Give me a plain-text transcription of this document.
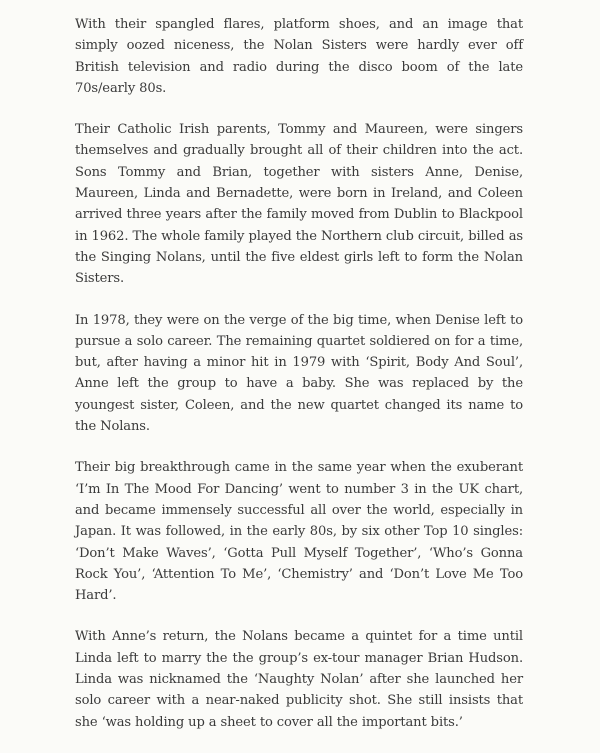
With their spangled flares, platform shoes, and an image that simply oozed niceness, the Nolan Sisters were hardly ever off British television and radio during the disco boom of the late 70s/early 80s.

Their Catholic Irish parents, Tommy and Maureen, were singers themselves and gradually brought all of their children into the act. Sons Tommy and Brian, together with sisters Anne, Denise, Maureen, Linda and Bernadette, were born in Ireland, and Coleen arrived three years after the family moved from Dublin to Blackpool in 1962. The whole family played the Northern club circuit, billed as the Singing Nolans, until the five eldest girls left to form the Nolan Sisters.

In 1978, they were on the verge of the big time, when Denise left to pursue a solo career. The remaining quartet soldiered on for a time, but, after having a minor hit in 1979 with ‘Spirit, Body And Soul’, Anne left the group to have a baby. She was replaced by the youngest sister, Coleen, and the new quartet changed its name to the Nolans.

Their big breakthrough came in the same year when the exuberant ‘I’m In The Mood For Dancing’ went to number 3 in the UK chart, and became immensely successful all over the world, especially in Japan. It was followed, in the early 80s, by six other Top 10 singles: ‘Don’t Make Waves’, ‘Gotta Pull Myself Together’, ‘Who’s Gonna Rock You’, ‘Attention To Me’, ‘Chemistry’ and ‘Don’t Love Me Too Hard’.

With Anne’s return, the Nolans became a quintet for a time until Linda left to marry the the group’s ex-tour manager Brian Hudson. Linda was nicknamed the ‘Naughty Nolan’ after she launched her solo career with a near-naked publicity shot. She still insists that she ‘was holding up a sheet to cover all the important bits.’
